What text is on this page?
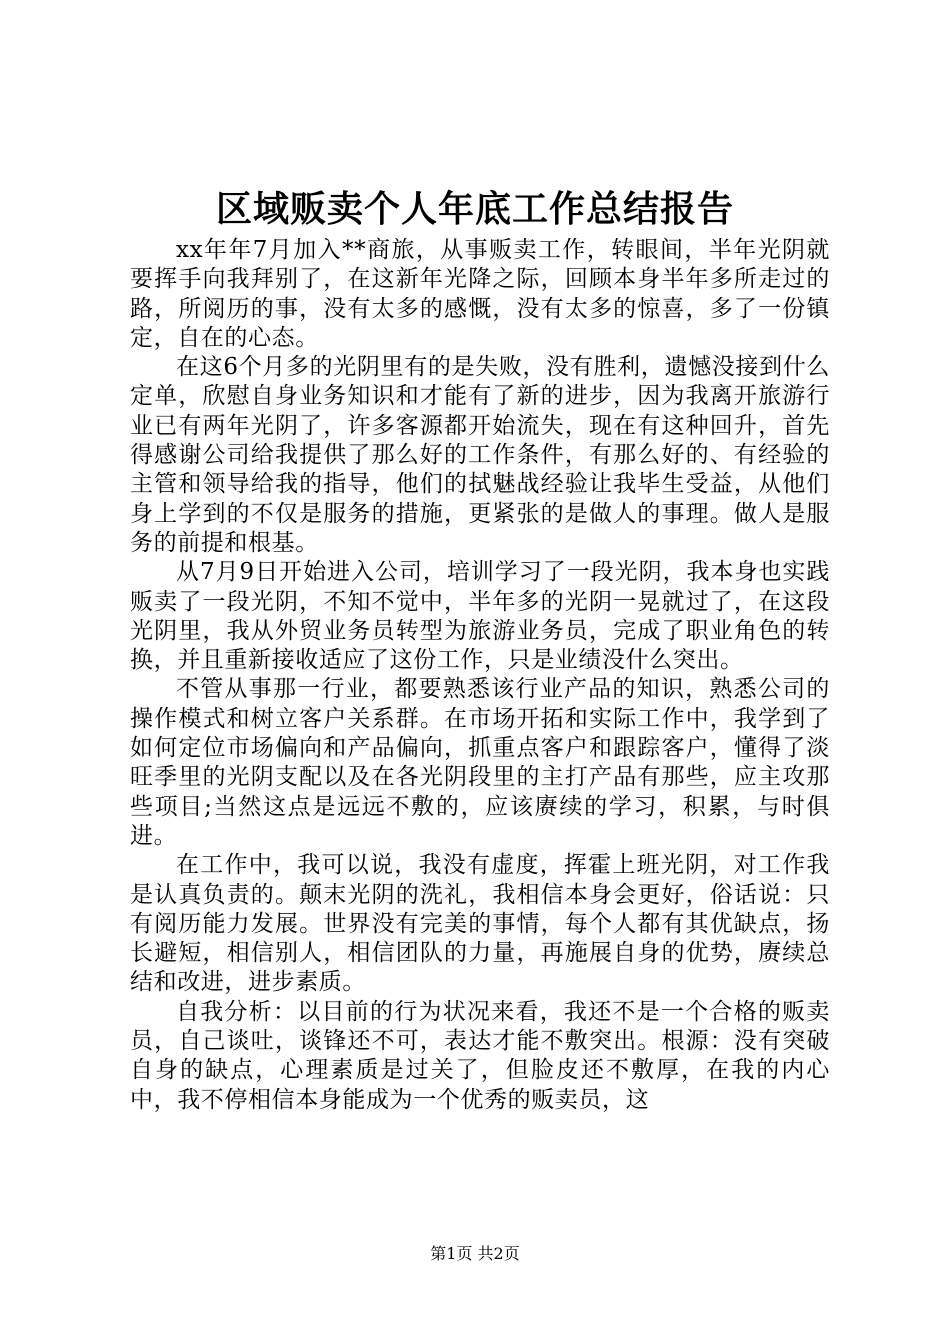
区域贩卖个人年底工作总结报告

xx年年7月加入**商旅，从事贩卖工作，转眼间，半年光阴就要挥手向我拜别了，在这新年光降之际，回顾本身半年多所走过的路，所阅历的事，没有太多的感慨，没有太多的惊喜，多了一份镇定，自在的心态。

在这6个月多的光阴里有的是失败，没有胜利，遗憾没接到什么定单，欣慰自身业务知识和才能有了新的进步，因为我离开旅游行业已有两年光阴了，许多客源都开始流失，现在有这种回升，首先得感谢公司给我提供了那么好的工作条件，有那么好的、有经验的主管和领导给我的指导，他们的拭魅战经验让我毕生受益，从他们身上学到的不仅是服务的措施，更紧张的是做人的事理。做人是服务的前提和根基。

从7月9日开始进入公司，培训学习了一段光阴，我本身也实践贩卖了一段光阴，不知不觉中，半年多的光阴一晃就过了，在这段光阴里，我从外贸业务员转型为旅游业务员，完成了职业角色的转换，并且重新接收适应了这份工作，只是业绩没什么突出。

不管从事那一行业，都要熟悉该行业产品的知识，熟悉公司的操作模式和树立客户关系群。在市场开拓和实际工作中，我学到了如何定位市场偏向和产品偏向，抓重点客户和跟踪客户，懂得了淡旺季里的光阴支配以及在各光阴段里的主打产品有那些，应主攻那些项目;当然这点是远远不敷的，应该赓续的学习，积累，与时俱进。

在工作中，我可以说，我没有虚度，挥霍上班光阴，对工作我是认真负责的。颠末光阴的洗礼，我相信本身会更好，俗话说：只有阅历能力发展。世界没有完美的事情，每个人都有其优缺点，扬长避短，相信别人，相信团队的力量，再施展自身的优势，赓续总结和改进，进步素质。

自我分析：以目前的行为状况来看，我还不是一个合格的贩卖员，自己谈吐，谈锋还不可，表达才能不敷突出。根源：没有突破自身的缺点，心理素质是过关了，但脸皮还不敷厚，在我的内心中，我不停相信本身能成为一个优秀的贩卖员，这

第1页 共2页
